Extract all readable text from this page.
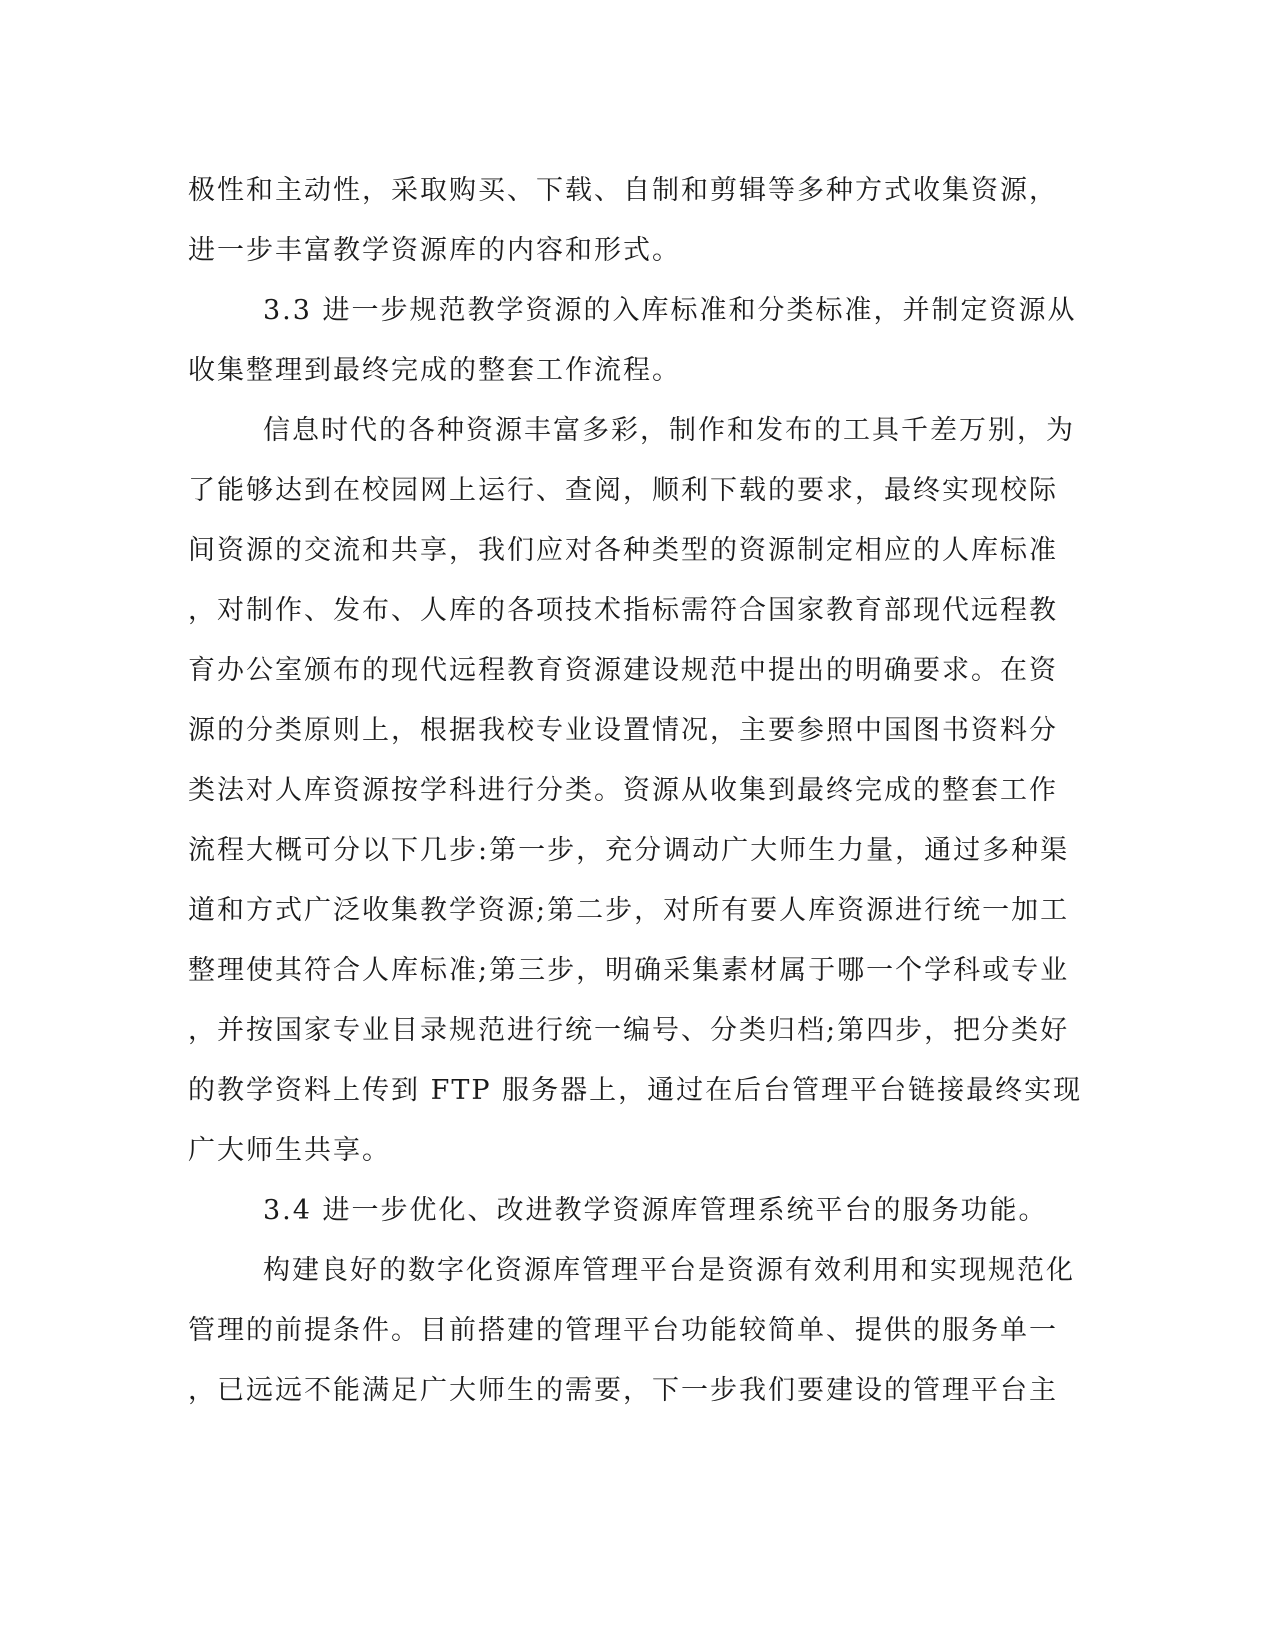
极性和主动性，采取购买、下载、自制和剪辑等多种方式收集资源，
进一步丰富教学资源库的内容和形式。
3.3 进一步规范教学资源的入库标准和分类标准，并制定资源从
收集整理到最终完成的整套工作流程。
信息时代的各种资源丰富多彩，制作和发布的工具千差万别，为
了能够达到在校园网上运行、查阅，顺利下载的要求，最终实现校际
间资源的交流和共享，我们应对各种类型的资源制定相应的人库标准
，对制作、发布、人库的各项技术指标需符合国家教育部现代远程教
育办公室颁布的现代远程教育资源建设规范中提出的明确要求。在资
源的分类原则上，根据我校专业设置情况，主要参照中国图书资料分
类法对人库资源按学科进行分类。资源从收集到最终完成的整套工作
流程大概可分以下几步:第一步，充分调动广大师生力量，通过多种渠
道和方式广泛收集教学资源;第二步，对所有要人库资源进行统一加工
整理使其符合人库标准;第三步，明确采集素材属于哪一个学科或专业
，并按国家专业目录规范进行统一编号、分类归档;第四步，把分类好
的教学资料上传到 FTP 服务器上，通过在后台管理平台链接最终实现
广大师生共享。
3.4 进一步优化、改进教学资源库管理系统平台的服务功能。
构建良好的数字化资源库管理平台是资源有效利用和实现规范化
管理的前提条件。目前搭建的管理平台功能较简单、提供的服务单一
，已远远不能满足广大师生的需要，下一步我们要建设的管理平台主
